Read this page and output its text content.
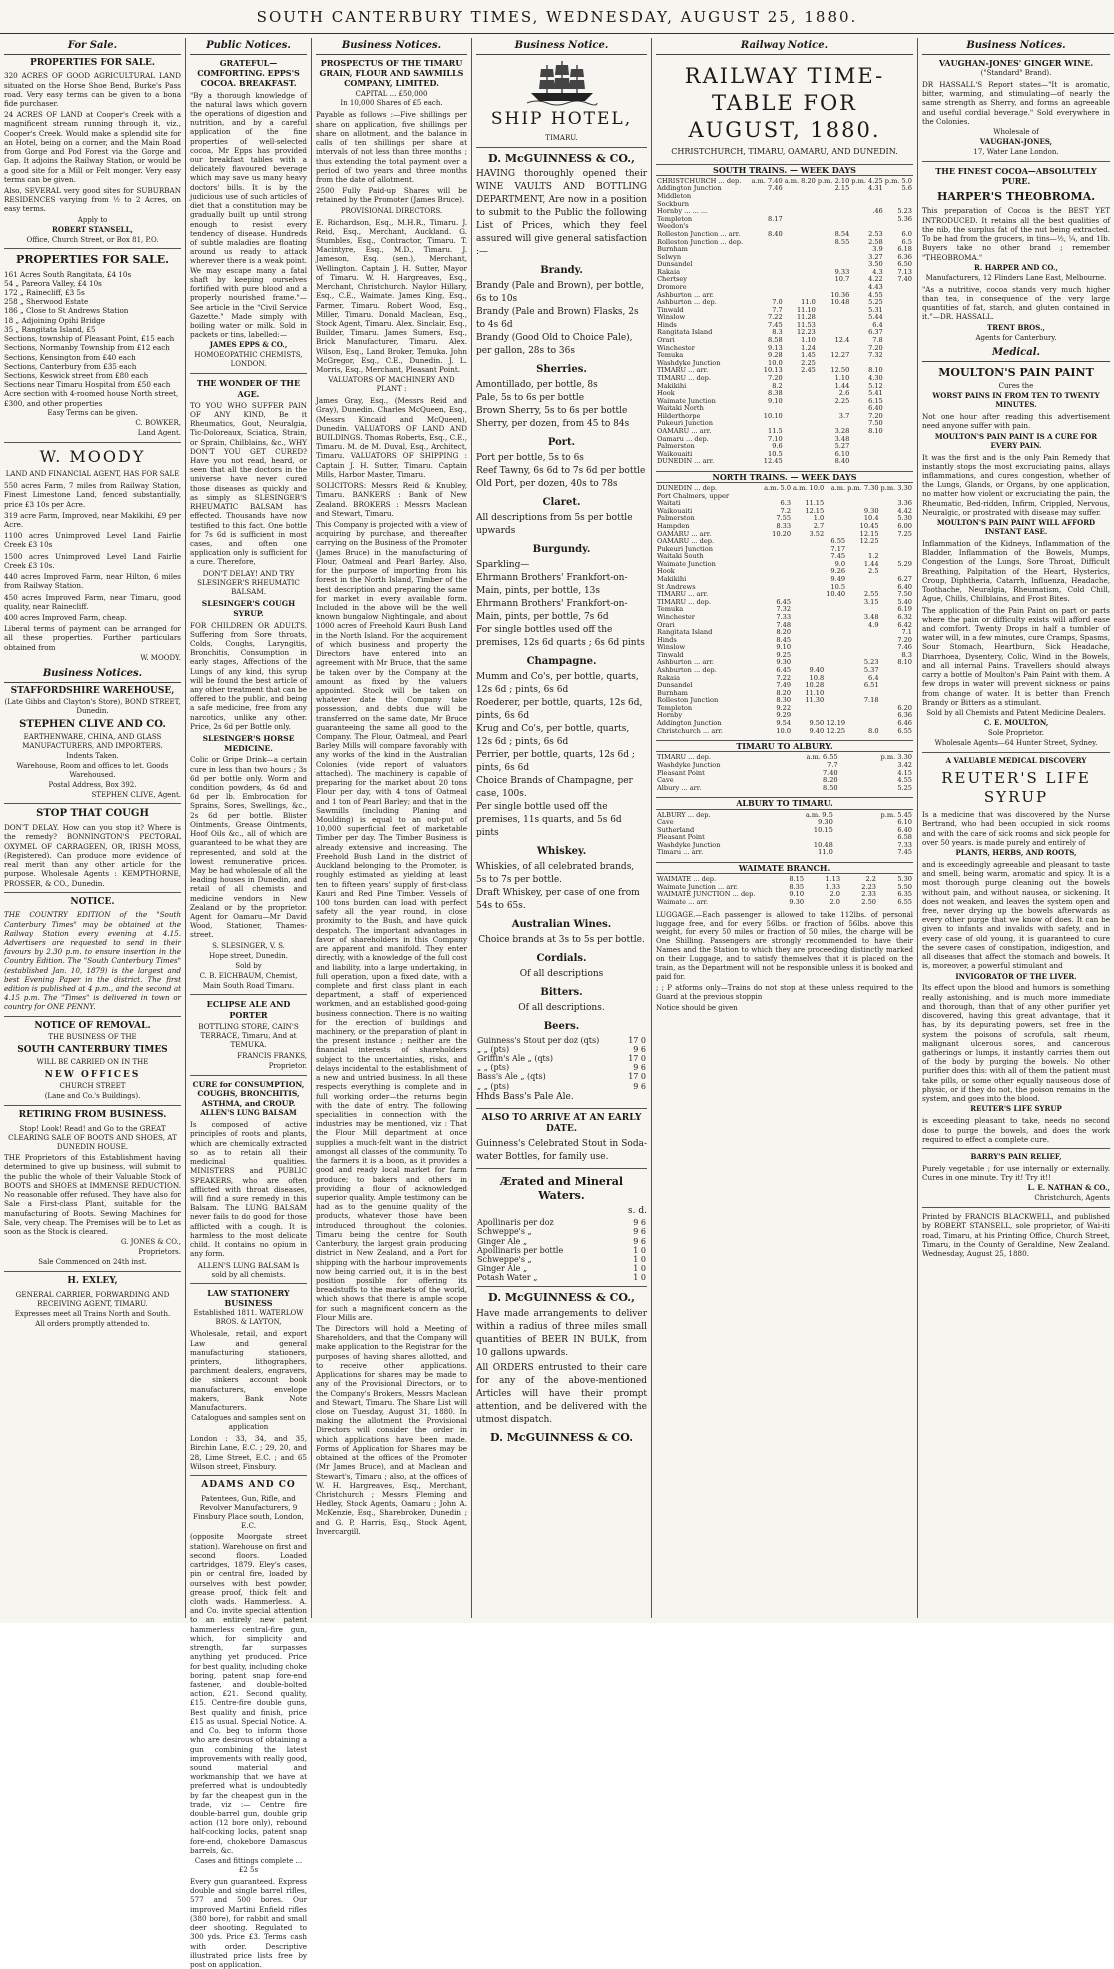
SOUTH CANTERBURY TIMES, WEDNESDAY, AUGUST 25, 1880.
For Sale.
PROPERTIES FOR SALE.

320 ACRES OF GOOD AGRICULTURAL LAND situated on the Horse Shoe Bend, Burke's Pass road. Very easy terms can be given to a bona fide purchaser.

24 ACRES OF LAND at Cooper's Creek with a magnificent stream running through it, viz., Cooper's Creek. Would make a splendid site for an Hotel, being on a corner, and the Main Road from Gorge and Pod Forest via the Gorge and Gap. It adjoins the Railway Station, or would be a good site for a Mill or Felt monger. Very easy terms can be given.

Also, SEVERAL very good sites for SUBURBAN RESIDENCES varying from ½ to 2 Acres, on easy terms.

Apply to
ROBERT STANSELL,
Office, Church Street, or Box 81, P.O.
PROPERTIES FOR SALE.
161 Acres South Rangitata, £4 10s
54 „ Pareora Valley, £4 10s
172 „ Rainecliff, £3 5s
258 „ Sherwood Estate
186 „ Close to St Andrews Station
18 „ Adjoining Opihi Bridge
35 „ Rangitata Island, £5
Sections, township of Pleasant Point, £15 each
Sections, Normanby Township from £12 each
Sections, Kensington from £40 each
Sections, Canterbury from £35 each
Sections, Keswick street from £80 each
Sections near Timaru Hospital from £50 each
Acre section with 4-roomed house North street, £300, and other properties
Easy Terms can be given.
C. BOWKER,
Land Agent.
W. MOODY
LAND AND FINANCIAL AGENT, HAS FOR SALE

550 acres Farm, 7 miles from Railway Station, Finest Limestone Land, fenced substantially, price £3 10s per Acre.

319 acre Farm, Improved, near Makikihi, £9 per Acre.

1100 acres Unimproved Level Land Fairlie Creek £3 10s

1500 acres Unimproved Level Land Fairlie Creek £3 10s.

440 acres Improved Farm, near Hilton, 6 miles from Railway Station.

450 acres Improved Farm, near Timaru, good quality, near Rainecliff.

400 acres Improved Farm, cheap.

Liberal terms of payment can be arranged for all these properties. Further particulars obtained from

W. MOODY.
Business Notices.
STAFFORDSHIRE WAREHOUSE,
(Late Gibbs and Clayton's Store), BOND STREET, Dunedin.
STEPHEN CLIVE AND CO.
EARTHENWARE, CHINA, AND GLASS MANUFACTURERS, AND IMPORTERS.
Indents Taken.
Warehouse, Room and offices to let. Goods Warehoused.
Postal Address, Box 392.
STEPHEN CLIVE, Agent.
STOP THAT COUGH

DON'T DELAY. How can you stop it? Where is the remedy? BONNINGTON'S PECTORAL OXYMEL OF CARRAGEEN, OR, IRISH MOSS, (Registered). Can produce more evidence of real merit than any other article for the purpose. Wholesale Agents : KEMPTHORNE, PROSSER, & CO., Dunedin.

NOTICE.

THE COUNTRY EDITION of the "South Canterbury Times" may be obtained at the Railway Station every evening at 4.15. Advertisers are requested to send in their favours by 2.30 p.m. to ensure insertion in the Country Edition. The "South Canterbury Times" (established Jan. 10, 1879) is the largest and best Evening Paper in the district. The first edition is published at 4 p.m., and the second at 4.15 p.m. The "Times" is delivered in town or country for ONE PENNY.

NOTICE OF REMOVAL.
THE BUSINESS OF THE
SOUTH CANTERBURY TIMES
WILL BE CARRIED ON IN THE
NEW OFFICES
CHURCH STREET
(Lane and Co.'s Buildings).
RETIRING FROM BUSINESS.

Stop! Look! Read! and Go to the GREAT CLEARING SALE OF BOOTS AND SHOES, AT DUNEDIN HOUSE.

THE Proprietors of this Establishment having determined to give up business, will submit to the public the whole of their Valuable Stock of BOOTS and SHOES at IMMENSE REDUCTION. No reasonable offer refused. They have also for Sale a First-class Plant, suitable for the manufacturing of Boots. Sewing Machines for Sale, very cheap. The Premises will be to Let as soon as the Stock is cleared.

G. JONES & CO.,
Proprietors.
Sale Commenced on 24th inst.
H. EXLEY,

GENERAL CARRIER, FORWARDING AND RECEIVING AGENT, TIMARU.

Expresses meet all Trains North and South.
All orders promptly attended to.
Public Notices.
GRATEFUL—COMFORTING. EPPS'S COCOA. BREAKFAST.

"By a thorough knowledge of the natural laws which govern the operations of digestion and nutrition, and by a careful application of the fine properties of well-selected cocoa, Mr Epps has provided our breakfast tables with a delicately flavoured beverage which may save us many heavy doctors' bills. It is by the judicious use of such articles of diet that a constitution may be gradually built up until strong enough to resist every tendency of disease. Hundreds of subtle maladies are floating around us ready to attack wherever there is a weak point. We may escape many a fatal shaft by keeping ourselves fortified with pure blood and a properly nourished frame."—See article in the "Civil Service Gazette." Made simply with boiling water or milk. Sold in packets or tins, labelled:—

JAMES EPPS & CO.,
HOMOEOPATHIC CHEMISTS, LONDON.
THE WONDER OF THE AGE.

TO YOU WHO SUFFER PAIN OF ANY KIND, Be it Rheumatics, Gout, Neuralgia, Tic-Doloreaux, Sciatica, Strain, or Sprain, Chilblains, &c., WHY DON'T YOU GET CURED? Have you not read, heard, or seen that all the doctors in the universe have never cured those diseases as quickly and as simply as SLESINGER'S RHEUMATIC BALSAM has effected. Thousands have now testified to this fact. One bottle for 7s 6d is sufficient in most cases, and often one application only is sufficient for a cure. Therefore,

DON'T DELAY! AND TRY SLESINGER'S RHEUMATIC BALSAM.

SLESINGER'S COUGH SYRUP.

FOR CHILDREN OR ADULTS. Suffering from Sore throats, Colds, Coughs, Laryngitis, Bronchitis, Consumption in early stages, Affections of the Lungs of any kind, this syrup will be found the best article of any other treatment that can be offered to the public, and being a safe medicine, free from any narcotics, unlike any other. Price, 2s 6d per Bottle only.

SLESINGER'S HORSE MEDICINE.

Colic or Gripe Drink—a certain cure in less than two hours ; 3s 6d per bottle only. Worm and condition powders, 4s 6d and 6d per lb. Embrocation for Sprains, Sores, Swellings, &c., 2s 6d per bottle. Blister Ointments, Grease Ointments, Hoof Oils &c., all of which are guaranteed to be what they are represented, and sold at the lowest remunerative prices. May be had wholesale of all the leading houses in Dunedin, and retail of all chemists and medicine vendors in New Zealand or by the proprietor. Agent for Oamaru—Mr David Wood, Stationer, Thames-street.

S. SLESINGER, V. S.
Hope street, Dunedin.
Sold by
C. B. EICHBAUM, Chemist,
Main South Road Timaru.
ECLIPSE ALE AND PORTER

BOTTLING STORE, CAIN'S TERRACE, Timaru, And at TEMUKA.

FRANCIS FRANKS,
Proprietor.
CURE for CONSUMPTION, COUGHS, BRONCHITIS, ASTHMA, and CROUP.
ALLEN'S LUNG BALSAM

Is composed of active principles of roots and plants, which are chemically extracted so as to retain all their medicinal qualities. MINISTERS and PUBLIC SPEAKERS, who are often afflicted with throat diseases, will find a sure remedy in this Balsam. The LUNG BALSAM never fails to do good for those afflicted with a cough. It is harmless to the most delicate child. It contains no opium in any form.

ALLEN'S LUNG BALSAM Is sold by all chemists.

LAW STATIONERY BUSINESS
Established 1811. WATERLOW BROS. & LAYTON,

Wholesale, retail, and export Law and general manufacturing stationers, printers, lithographers, parchment dealers, engravers, die sinkers account book manufacturers, envelope makers, Bank Note Manufacturers.

Catalogues and samples sent on application

London : 33, 34, and 35, Birchin Lane, E.C. ; 29, 20, and 28, Lime Street, E.C. ; and 65 Wilson street, Finsbury.

ADAMS AND CO

Patentees, Gun, Rifle, and Revolver Manufacturers, 9 Finsbury Place south, London, E.C.

(opposite Moorgate street station). Warehouse on first and second floors. Loaded cartridges, 1879. Eley's cases, pin or central fire, loaded by ourselves with best powder, grease proof, thick felt and cloth wads. Hammerless. A. and Co. invite special attention to an entirely new patent hammerless central-fire gun, which, for simplicity and strength, far surpasses anything yet produced. Price for best quality, including choke boring, patent snap fore-end fastener, and double-bolted action, £21. Second quality, £15. Centre-fire double guns, Best quality and finish, price £15 as usual. Special Notice. A. and Co. beg to inform those who are desirous of obtaining a gun combining the latest improvements with really good, sound material and workmanship that we have at preferred what is undoubtedly by far the cheapest gun in the trade, viz :— Centre fire double-barrel gun, double grip action (12 bore only), rebound half-cocking locks, patent snap fore-end, chokebore Damascus barrels, &c.

Cases and fittings complete ... £2 5s

Every gun guaranteed. Express double and single barrel rifles, 577 and 500 bores. Our improved Martini Enfield rifles (380 bore), for rabbit and small deer shooting. Regulated to 300 yds. Price £3. Terms cash with order. Descriptive illustrated price lists free by post on application.

Business Notices.
PROSPECTUS OF THE TIMARU GRAIN, FLOUR AND SAWMILLS COMPANY, LIMITED.
CAPITAL ... £50,000
In 10,000 Shares of £5 each.

Payable as follows :—Five shillings per share on application, five shillings per share on allotment, and the balance in calls of ten shillings per share at intervals of not less than three months ; thus extending the total payment over a period of two years and three months from the date of allotment.

2500 Fully Paid-up Shares will be retained by the Promoter (James Bruce).

PROVISIONAL DIRECTORS.

E. Richardson, Esq., M.H.R., Timaru. J. Reid, Esq., Merchant, Auckland. G. Stumbles, Esq., Contractor, Timaru. T. Macintyre, Esq., M.D., Timaru. J. Jameson, Esq. (sen.), Merchant, Wellington. Captain J. H. Sutter, Mayor of Timaru. W. H. Hargreaves, Esq., Merchant, Christchurch. Naylor Hillary, Esq., C.E., Waimate. James King, Esq., Farmer, Timaru. Robert Wood, Esq., Miller, Timaru. Donald Maclean, Esq., Stock Agent, Timaru. Alex. Sinclair, Esq., Builder, Timaru. James Sumers, Esq., Brick Manufacturer, Timaru. Alex. Wilson, Esq., Land Broker, Temuka. John McGregor, Esq., C.E., Dunedin. J. L. Morris, Esq., Merchant, Pleasant Point.

VALUATORS OF MACHINERY AND PLANT :

James Gray, Esq., (Messrs Reid and Gray), Dunedin. Charles McQueen, Esq., (Messrs Kincaid and McQueen), Dunedin. VALUATORS OF LAND AND BUILDINGS. Thomas Roberts, Esq., C.E., Timaru. M. de M. Duval, Esq., Architect, Timaru. VALUATORS OF SHIPPING : Captain J. H. Sutter, Timaru. Captain Mills, Harbor Master, Timaru.

SOLICITORS: Messrs Reid & Knubley, Timaru. BANKERS : Bank of New Zealand. BROKERS : Messrs Maclean and Stewart, Timaru.

This Company is projected with a view of acquiring by purchase, and thereafter carrying on the Business of the Promoter (James Bruce) in the manufacturing of Flour, Oatmeal and Pearl Barley. Also, for the purpose of importing from his forest in the North Island, Timber of the best description and preparing the same for market in every available form. Included in the above will be the well known bungalow Nightingale, and about 1000 acres of Freehold Kauri Bush Land in the North Island. For the acquirement of which business and property the Directors have entered into an agreement with Mr Bruce, that the same be taken over by the Company at the amount as fixed by the valuers appointed. Stock will be taken on whatever date the Company take possession, and debts due will be transferred on the same date, Mr Bruce guaranteeing the same all good to the Company. The Flour, Oatmeal, and Pearl Barley Mills will compare favorably with any works of the kind in the Australian Colonies (vide report of valuators attached). The machinery is capable of preparing for the market about 20 tons Flour per day, with 4 tons of Oatmeal and 1 ton of Pearl Barley; and that in the Sawmills (including Planing and Moulding) is equal to an out-put of 10,000 superficial feet of marketable Timber per day. The Timber Business is already extensive and increasing. The Freehold Bush Land in the district of Auckland belonging to the Promoter, is roughly estimated as yielding at least ten to fifteen years' supply of first-class Kauri and Red Pine Timber. Vessels of 100 tons burden can load with perfect safety all the year round, in close proximity to the Bush, and have quick despatch. The important advantages in favor of shareholders in this Company are apparent and manifold. They enter directly, with a knowledge of the full cost and liability, into a large undertaking, in full operation, upon a fixed date, with a complete and first class plant in each department, a staff of experienced workmen, and an established good-going business connection. There is no waiting for the erection of buildings and machinery, or the preparation of plant in the present instance ; neither are the financial interests of shareholders subject to the uncertainties, risks, and delays incidental to the establishment of a new and untried business. In all these respects everything is complete and in full working order—the returns begin with the date of entry. The following specialities in connection with the industries may be mentioned, viz : That the Flour Mill department at once supplies a much-felt want in the district amongst all classes of the community. To the farmers it is a boon, as it provides a good and ready local market for farm produce; to bakers and others in providing a flour of acknowledged superior quality. Ample testimony can be had as to the genuine quality of the products, whatever those have been introduced throughout the colonies. Timaru being the centre for South Canterbury, the largest grain producing district in New Zealand, and a Port for shipping with the harbour improvements now being carried out, it is in the best position possible for offering its breadstuffs to the markets of the world, which shows that there is ample scope for such a magnificent concern as the Flour Mills are.

The Directors will hold a Meeting of Shareholders, and that the Company will make application to the Registrar for the purposes of having shares allotted, and to receive other applications. Applications for shares may be made to any of the Provisional Directors, or to the Company's Brokers, Messrs Maclean and Stewart, Timaru. The Share List will close on Tuesday, August 31, 1880. In making the allotment the Provisional Directors will consider the order in which applications have been made. Forms of Application for Shares may be obtained at the offices of the Promoter (Mr James Bruce), and at Maclean and Stewart's, Timaru ; also, at the offices of W. H. Hargreaves, Esq., Merchant, Christchurch ; Messrs Fleming and Hedley, Stock Agents, Oamaru ; John A. McKenzie, Esq., Sharebroker, Dunedin ; and G. P. Harris, Esq., Stock Agent, Invercargill.

Business Notice.
SHIP HOTEL,
TIMARU.
D. McGUINNESS & CO.,

HAVING thoroughly opened their WINE VAULTS AND BOTTLING DEPARTMENT, Are now in a position to submit to the Public the following List of Prices, which they feel assured will give general satisfaction :—

Brandy.
Brandy (Pale and Brown), per bottle, 6s to 10s
Brandy (Pale and Brown) Flasks, 2s to 4s 6d
Brandy (Good Old to Choice Pale), per gallon, 28s to 36s
Sherries.
Amontillado, per bottle, 8s
Pale, 5s to 6s per bottle
Brown Sherry, 5s to 6s per bottle
Sherry, per dozen, from 45 to 84s
Port.
Port per bottle, 5s to 6s
Reef Tawny, 6s 6d to 7s 6d per bottle
Old Port, per dozen, 40s to 78s
Claret.
All descriptions from 5s per bottle upwards
Burgundy.
Sparkling—
Ehrmann Brothers' Frankfort-on-Main, pints, per bottle, 13s
Ehrmann Brothers' Frankfort-on-Main, pints, per bottle, 7s 6d
For single bottles used off the premises, 12s 6d quarts ; 6s 6d pints
Champagne.
Mumm and Co's, per bottle, quarts, 12s 6d ; pints, 6s 6d
Roederer, per bottle, quarts, 12s 6d, pints, 6s 6d
Krug and Co's, per bottle, quarts, 12s 6d ; pints, 6s 6d
Perrier, per bottle, quarts, 12s 6d ; pints, 6s 6d
Choice Brands of Champagne, per case, 100s.
Per single bottle used off the premises, 11s quarts, and 5s 6d pints
Whiskey.
Whiskies, of all celebrated brands, 5s to 7s per bottle.
Draft Whiskey, per case of one from 54s to 65s.
Australian Wines.
Choice brands at 3s to 5s per bottle.
Cordials.
Of all descriptions
Bitters.
Of all descriptions.
Beers.
Guinness's Stout per doz (qts)	17 0
„ „ (pts)	9 6
Griffin's Ale „ (qts)	17 0
„ „ (pts)	9 6
Bass's Ale „ (qts)	17 0
„ „ (pts)	9 6
Hhds Bass's Pale Ale.
ALSO TO ARRIVE AT AN EARLY DATE.

Guinness's Celebrated Stout in Soda-water Bottles, for family use.

Ærated and Mineral Waters.
s. d.
Apollinaris per doz	9 6
Schweppe's „	9 6
Ginger Ale „	9 6
Apollinaris per bottle	1 0
Schweppe's „	1 0
Ginger Ale „	1 0
Potash Water „	1 0
D. McGUINNESS & CO.,

Have made arrangements to deliver within a radius of three miles small quantities of BEER IN BULK, from 10 gallons upwards.

All ORDERS entrusted to their care for any of the above-mentioned Articles will have their prompt attention, and be delivered with the utmost dispatch.

D. McGUINNESS & CO.
Railway Notice.
RAILWAY TIME-TABLE FOR AUGUST, 1880.
CHRISTCHURCH, TIMARU, OAMARU, AND DUNEDIN.
SOUTH TRAINS. — WEEK DAYS
CHRISTCHURCH ... dep.	a.m. 7.40	a.m. 8.20	p.m. 2.10	p.m. 4.25	p.m. 5.0
Addington Junction	7.46		2.15	4.31	5.6
Middleton					
Sockburn					
Hornby ... ... ...				.46	5.23
Templeton	8.17				5.36
Weedon's					
Rolleston Junction ... arr.	8.40		8.54	2.53	6.0
Rolleston Junction ... dep.			8.55	2.58	6.5
Burnham				3.9	6.18
Selwyn				3.27	6.36
Dunsandel				3.50	6.50
Rakaia			9.33	4.3	7.13
Chertsey			10.7	4.22	7.40
Dromore				4.43	
Ashburton ... arr.			10.36	4.55	
Ashburton ... dep.	7.0	11.0	10.48	5.25	
Tinwald	7.7	11.10		5.31	
Winslow	7.22	11.28		5.44	
Hinds	7.45	11.53		6.4	
Rangitata Island	8.3	12.23		6.37	
Orari	8.58	1.10	12.4	7.8	
Winchester	9.13	1.24		7.20	
Temuka	9.28	1.45	12.27	7.32	
Washdyke Junction	10.0	2.25			
TIMARU ... arr.	10.13	2.45	12.50	8.10	
TIMARU ... dep.	7.20		1.10	4.30	
Makikihi	8.2		1.44	5.12	
Hook	8.38		2.6	5.41	
Waimate Junction	9.10		2.25	6.15	
Waitaki North				6.40	
Hilderthorpe	10.10		3.7	7.20	
Pukeuri Junction				7.50	
OAMARU ... arr.	11.5		3.28	8.10	
Oamaru ... dep.	7.10		3.48		
Palmerston	9.6		5.27		
Waikouaiti	10.5		6.10		
DUNEDIN ... arr.	12.45		8.40		
NORTH TRAINS. — WEEK DAYS
DUNEDIN ... dep.	a.m. 5.0	a.m. 10.0	a.m.	p.m. 7.30	p.m. 3.30
Port Chalmers, upper					
Waitati	6.3	11.15			3.36
Waikouaiti	7.2	12.15		9.30	4.42
Palmerston	7.55	1.0		10.4	5.30
Hampden	8.33	2.7		10.45	6.00
OAMARU ... arr.	10.20	3.52		12.15	7.25
OAMARU ... dep.			6.55	12.25	
Pukeuri Junction			7.17		
Waitaki South			7.45	1.2	
Waimate Junction			9.0	1.44	5.29
Hook			9.26	2.5	
Makikihi			9.49		6.27
St Andrews			10.5		6.40
TIMARU ... arr.			10.40	2.55	7.50
TIMARU ... dep.	6.45			3.15	5.40
Temuka	7.32				6.19
Winchester	7.33			3.48	6.32
Orari	7.48			4.9	6.42
Rangitata Island	8.20				7.1
Hinds	8.45				7.20
Winslow	9.10				7.46
Tinwald	9.25				8.3
Ashburton ... arr.	9.30			5.23	8.10
Ashburton ... dep.	6.45	9.40		5.37	
Rakaia	7.22	10.8		6.4	
Dunsandel	7.49	10.28		6.51	
Burnham	8.20	11.10			
Rolleston Junction	8.30	11.30		7.18	
Templeton	9.22				6.20
Hornby	9.29				6.36
Addington Junction	9.54	9.50	12.19		6.46
Christchurch ... arr.	10.0	9.40	12.25	8.0	6.55
TIMARU TO ALBURY.
TIMARU ... dep.	a.m. 6.55		p.m. 3.30
Washdyke Junction	7.7		3.42
Pleasant Point	7.40		4.15
Cave	8.20		4.55
Albury ... arr.	8.50		5.25
ALBURY TO TIMARU.
ALBURY ... dep.	a.m. 9.5		p.m. 5.45
Cave	9.30		6.10
Sutherland	10.15		6.40
Pleasant Point			6.58
Washdyke Junction	10.48		7.33
Timaru ... arr.	11.0		7.45
WAIMATE BRANCH.
WAIMATE ... dep.	8.15	1.13	2.2	5.30
Waimate Junction ... arr.	8.35	1.33	2.23	5.50
WAIMATE JUNCTION ... dep.	9.10	2.0	2.33	6.35
Waimate ... arr.	9.30	2.0	2.50	6.55

LUGGAGE.—Each passenger is allowed to take 112lbs. of personal luggage free, and for every 56lbs. or fraction of 56lbs. above this weight, for every 50 miles or fraction of 50 miles, the charge will be One Shilling. Passengers are strongly recommended to have their Names and the Station to which they are proceeding distinctly marked on their Luggage, and to satisfy themselves that it is placed on the train, as the Department will not be responsible unless it is booked and paid for.

; ; P atforms only—Trains do not stop at these unless required to the Guard at the previous stoppin

Notice should be given

Business Notices.
VAUGHAN-JONES' GINGER WINE.
("Standard" Brand).

DR HASSALL'S Report states—"It is aromatic, bitter, warming, and stimulating—of nearly the same strength as Sherry, and forms an agreeable and useful cordial beverage." Sold everywhere in the Colonies.

Wholesale of
VAUGHAN-JONES,
17, Water Lane London.
THE FINEST COCOA—ABSOLUTELY PURE.
HARPER'S THEOBROMA.

This preparation of Cocoa is the BEST YET INTRODUCED. It retains all the best qualities of the nib, the surplus fat of the nut being extracted. To be had from the grocers, in tins—½, ¼, and 1lb. Buyers take no other brand ; remember "THEOBROMA."

R. HARPER AND CO.,
Manufacturers, 12 Flinders Lane East, Melbourne.

"As a nutritive, cocoa stands very much higher than tea, in consequence of the very large quantities of fat, starch, and gluten contained in it."—DR. HASSALL.

TRENT BROS.,
Agents for Canterbury.
Medical.
MOULTON'S PAIN PAINT
Cures the
WORST PAINS IN FROM TEN TO TWENTY MINUTES.

Not one hour after reading this advertisement need anyone suffer with pain.

MOULTON'S PAIN PAINT IS A CURE FOR EVERY PAIN.

It was the first and is the only Pain Remedy that instantly stops the most excruciating pains, allays inflammations, and cures congestion, whether of the Lungs, Glands, or Organs, by one application, no matter how violent or excruciating the pain, the Rheumatic, Bed-ridden, Infirm, Crippled, Nervous, Neuralgic, or prostrated with disease may suffer.

MOULTON'S PAIN PAINT WILL AFFORD INSTANT EASE.

Inflammation of the Kidneys, Inflammation of the Bladder, Inflammation of the Bowels, Mumps, Congestion of the Lungs, Sore Throat, Difficult Breathing, Palpitation of the Heart, Hysterics, Croup, Diphtheria, Catarrh, Influenza, Headache, Toothache, Neuralgia, Rheumatism, Cold Chill, Ague, Chills, Chilblains, and Frost Bites.

The application of the Pain Paint on part or parts where the pain or difficulty exists will afford ease and comfort. Twenty Drops in half a tumbler of water will, in a few minutes, cure Cramps, Spasms, Sour Stomach, Heartburn, Sick Headache, Diarrhoea, Dysentery, Colic, Wind in the Bowels, and all internal Pains. Travellers should always carry a bottle of Moulton's Pain Paint with them. A few drops in water will prevent sickness or pains from change of water. It is better than French Brandy or Bitters as a stimulant.

Sold by all Chemists and Patent Medicine Dealers.
C. E. MOULTON,
Sole Proprietor.
Wholesale Agents—64 Hunter Street, Sydney.
A VALUABLE MEDICAL DISCOVERY
REUTER'S LIFE SYRUP

Is a medicine that was discovered by the Nurse Bertrand, who had been occupied in sick rooms and with the care of sick rooms and sick people for over 50 years. is made purely and entirely of

PLANTS, HERBS, AND ROOTS,

and is exceedingly agreeable and pleasant to taste and smell, being warm, aromatic and spicy. It is a most thorough purge cleaning out the bowels without pain, and without nausea, or sickening. It does not weaken, and leaves the system open and free, never drying up the bowels afterwards as every other purge that we know of does. It can be given to infants and invalids with safety, and in every case of old young, it is guaranteed to cure the severe cases of constipation, indigestion, and all diseases that affect the stomach and bowels. It is, moreover, a powerful stimulant and

INVIGORATOR OF THE LIVER.

Its effect upon the blood and humors is something really astonishing, and is much more immediate and thorough, than that of any other purifier yet discovered, having this great advantage, that it has, by its depurating powers, set free in the system the poisons of scrofula, salt rheum, malignant ulcerous sores, and cancerous gatherings or lumps, it instantly carries them out of the body by purging the bowels. No other purifier does this: with all of them the patient must take pills, or some other equally nauseous dose of physic, or if they do not, the poison remains in the system, and goes into the blood.

REUTER'S LIFE SYRUP

is exceeding pleasant to take, needs no second dose to purge the bowels, and does the work required to effect a complete cure.

BARRY'S PAIN RELIEF,

Purely vegetable ; for use internally or externally. Cures in one minute. Try it! Try it!!

L. E. NATHAN & CO.,
Christchurch, Agents

Printed by FRANCIS BLACKWELL, and published by ROBERT STANSELL, sole proprietor, of Wai-iti road, Timaru, at his Printing Office, Church Street, Timaru, in the County of Geraldine, New Zealand. Wednesday, August 25, 1880.
